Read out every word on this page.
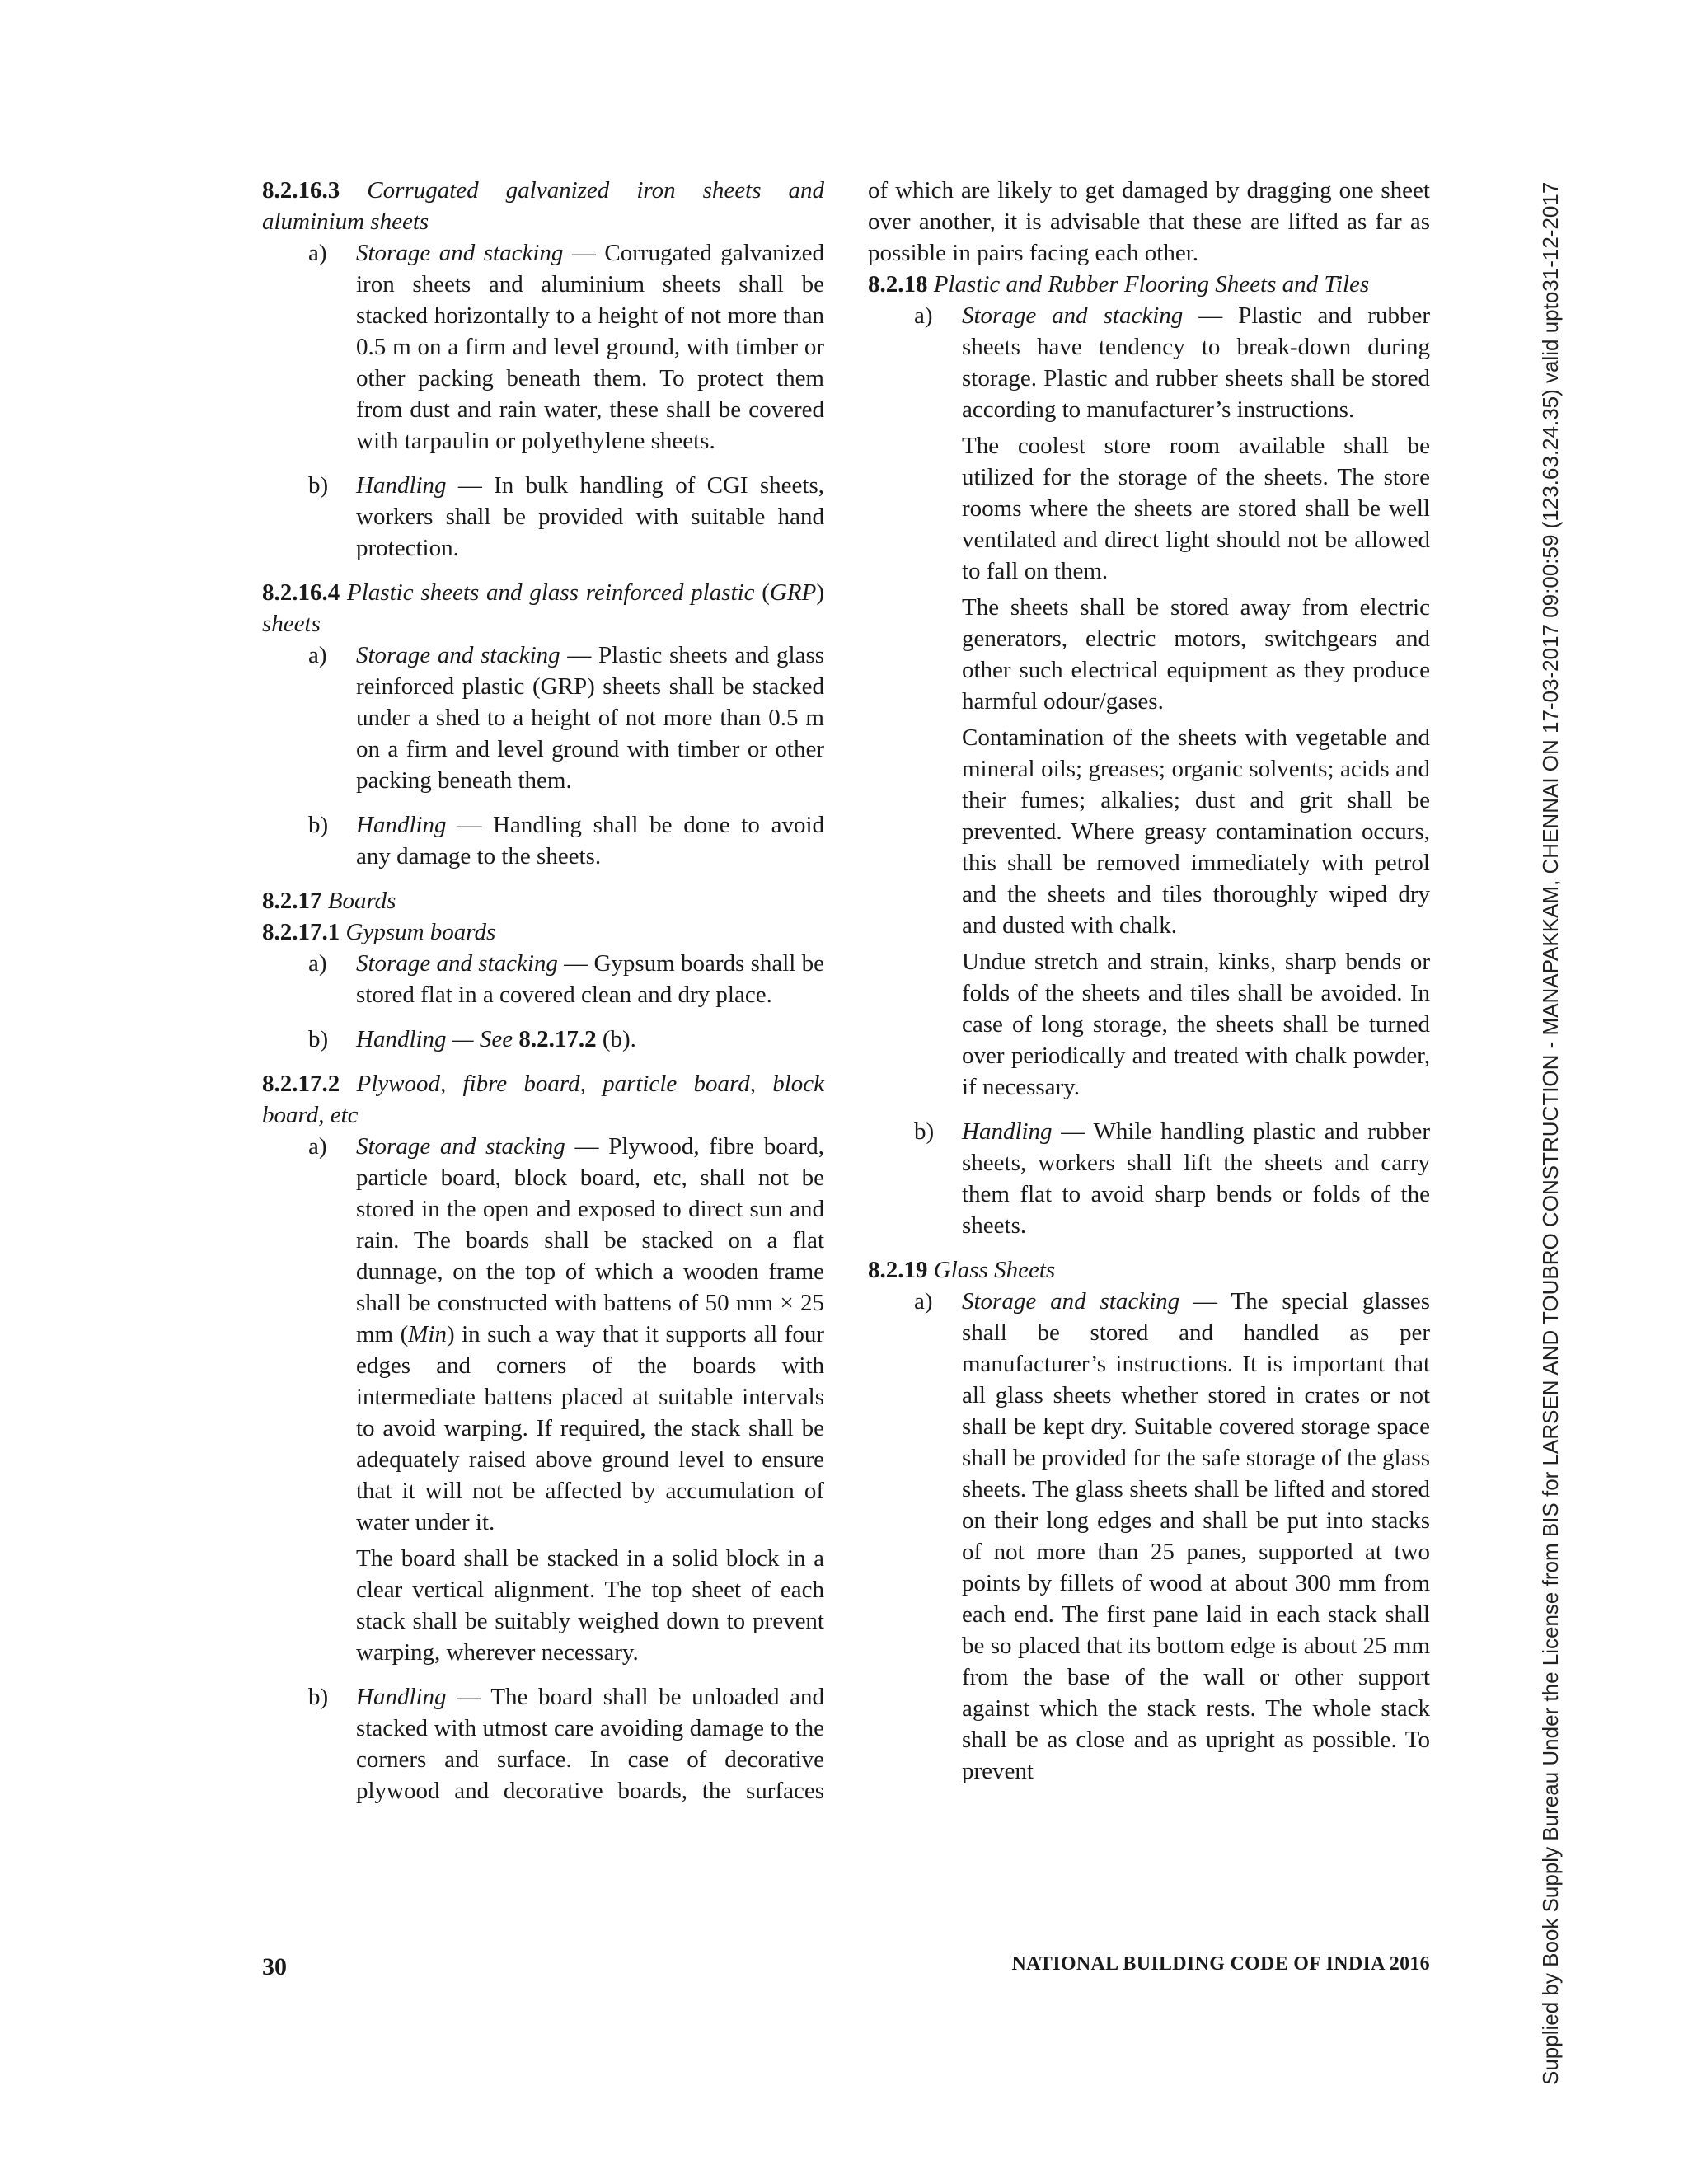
Supplied by Book Supply Bureau Under the License from BIS for LARSEN AND TOUBRO CONSTRUCTION - MANAPAKKAM, CHENNAI ON 17-03-2017 09:00:59 (123.63.24.35) valid upto31-12-2017

8.2.16.3 Corrugated galvanized iron sheets and aluminium sheets

a) Storage and stacking — Corrugated galvanized iron sheets and aluminium sheets shall be stacked horizontally to a height of not more than 0.5 m on a firm and level ground, with timber or other packing beneath them. To protect them from dust and rain water, these shall be covered with tarpaulin or polyethylene sheets.

b) Handling — In bulk handling of CGI sheets, workers shall be provided with suitable hand protection.

8.2.16.4 Plastic sheets and glass reinforced plastic (GRP) sheets

a) Storage and stacking — Plastic sheets and glass reinforced plastic (GRP) sheets shall be stacked under a shed to a height of not more than 0.5 m on a firm and level ground with timber or other packing beneath them.

b) Handling — Handling shall be done to avoid any damage to the sheets.

8.2.17 Boards

8.2.17.1 Gypsum boards

a) Storage and stacking — Gypsum boards shall be stored flat in a covered clean and dry place.

b) Handling — See 8.2.17.2 (b).

8.2.17.2 Plywood, fibre board, particle board, block board, etc

a) Storage and stacking — Plywood, fibre board, particle board, block board, etc, shall not be stored in the open and exposed to direct sun and rain. The boards shall be stacked on a flat dunnage, on the top of which a wooden frame shall be constructed with battens of 50 mm × 25 mm (Min) in such a way that it supports all four edges and corners of the boards with intermediate battens placed at suitable intervals to avoid warping. If required, the stack shall be adequately raised above ground level to ensure that it will not be affected by accumulation of water under it.

The board shall be stacked in a solid block in a clear vertical alignment. The top sheet of each stack shall be suitably weighed down to prevent warping, wherever necessary.

b) Handling — The board shall be unloaded and stacked with utmost care avoiding damage to the corners and surface. In case of decorative plywood and decorative boards, the surfaces

of which are likely to get damaged by dragging one sheet over another, it is advisable that these are lifted as far as possible in pairs facing each other.

8.2.18 Plastic and Rubber Flooring Sheets and Tiles

a) Storage and stacking — Plastic and rubber sheets have tendency to break-down during storage. Plastic and rubber sheets shall be stored according to manufacturer’s instructions.

The coolest store room available shall be utilized for the storage of the sheets. The store rooms where the sheets are stored shall be well ventilated and direct light should not be allowed to fall on them.

The sheets shall be stored away from electric generators, electric motors, switchgears and other such electrical equipment as they produce harmful odour/gases.

Contamination of the sheets with vegetable and mineral oils; greases; organic solvents; acids and their fumes; alkalies; dust and grit shall be prevented. Where greasy contamination occurs, this shall be removed immediately with petrol and the sheets and tiles thoroughly wiped dry and dusted with chalk.

Undue stretch and strain, kinks, sharp bends or folds of the sheets and tiles shall be avoided. In case of long storage, the sheets shall be turned over periodically and treated with chalk powder, if necessary.

b) Handling — While handling plastic and rubber sheets, workers shall lift the sheets and carry them flat to avoid sharp bends or folds of the sheets.

8.2.19 Glass Sheets

a) Storage and stacking — The special glasses shall be stored and handled as per manufacturer’s instructions. It is important that all glass sheets whether stored in crates or not shall be kept dry. Suitable covered storage space shall be provided for the safe storage of the glass sheets. The glass sheets shall be lifted and stored on their long edges and shall be put into stacks of not more than 25 panes, supported at two points by fillets of wood at about 300 mm from each end. The first pane laid in each stack shall be so placed that its bottom edge is about 25 mm from the base of the wall or other support against which the stack rests. The whole stack shall be as close and as upright as possible. To prevent

30	NATIONAL BUILDING CODE OF INDIA 2016
